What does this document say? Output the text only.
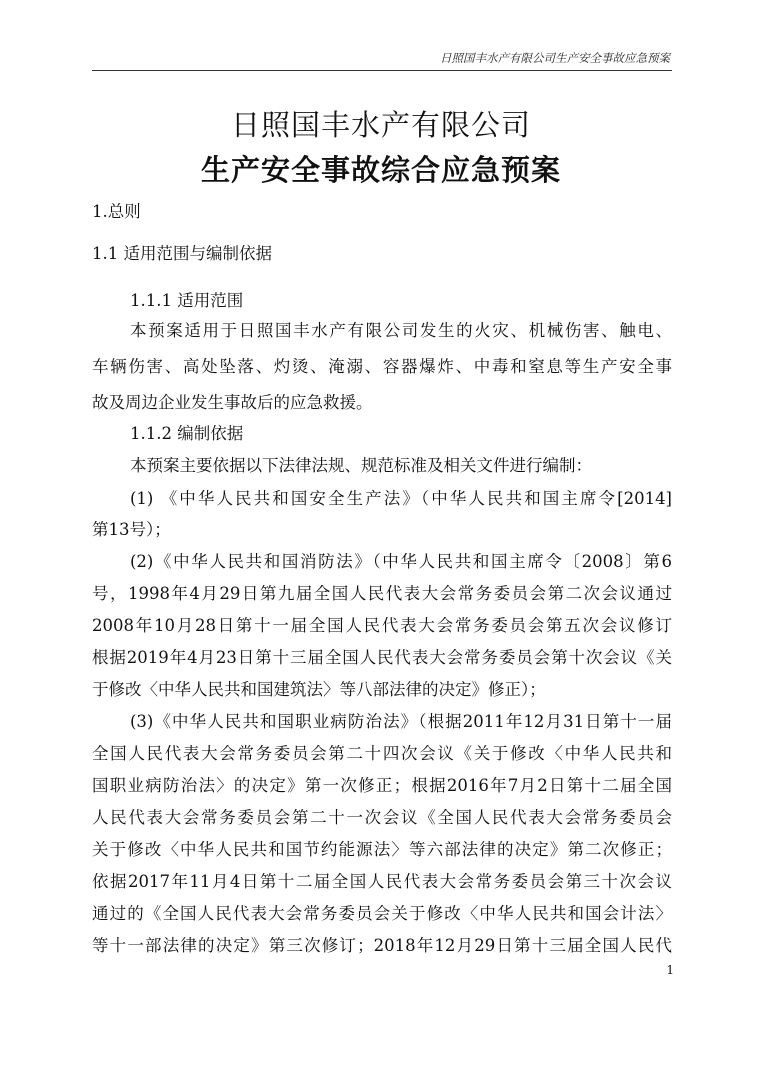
日照国丰水产有限公司生产安全事故应急预案
日照国丰水产有限公司
生产安全事故综合应急预案
1.总则
1.1 适用范围与编制依据
1.1.1 适用范围
本预案适用于日照国丰水产有限公司发生的火灾、机械伤害、触电、
车辆伤害、高处坠落、灼烫、淹溺、容器爆炸、中毒和窒息等生产安全事
故及周边企业发生事故后的应急救援。
1.1.2 编制依据
本预案主要依据以下法律法规、规范标准及相关文件进行编制：
(1) 《中华人民共和国安全生产法》（中华人民共和国主席令[2014]
第13号）；
(2)《中华人民共和国消防法》（中华人民共和国主席令〔2008〕第6
号，1998年4月29日第九届全国人民代表大会常务委员会第二次会议通过
2008年10月28日第十一届全国人民代表大会常务委员会第五次会议修订
根据2019年4月23日第十三届全国人民代表大会常务委员会第十次会议《关
于修改〈中华人民共和国建筑法〉等八部法律的决定》修正）；
(3)《中华人民共和国职业病防治法》（根据2011年12月31日第十一届
全国人民代表大会常务委员会第二十四次会议《关于修改〈中华人民共和
国职业病防治法〉的决定》第一次修正；根据2016年7月2日第十二届全国
人民代表大会常务委员会第二十一次会议《全国人民代表大会常务委员会
关于修改〈中华人民共和国节约能源法〉等六部法律的决定》第二次修正；
依据2017年11月4日第十二届全国人民代表大会常务委员会第三十次会议
通过的《全国人民代表大会常务委员会关于修改〈中华人民共和国会计法〉
等十一部法律的决定》第三次修订；2018年12月29日第十三届全国人民代
1
